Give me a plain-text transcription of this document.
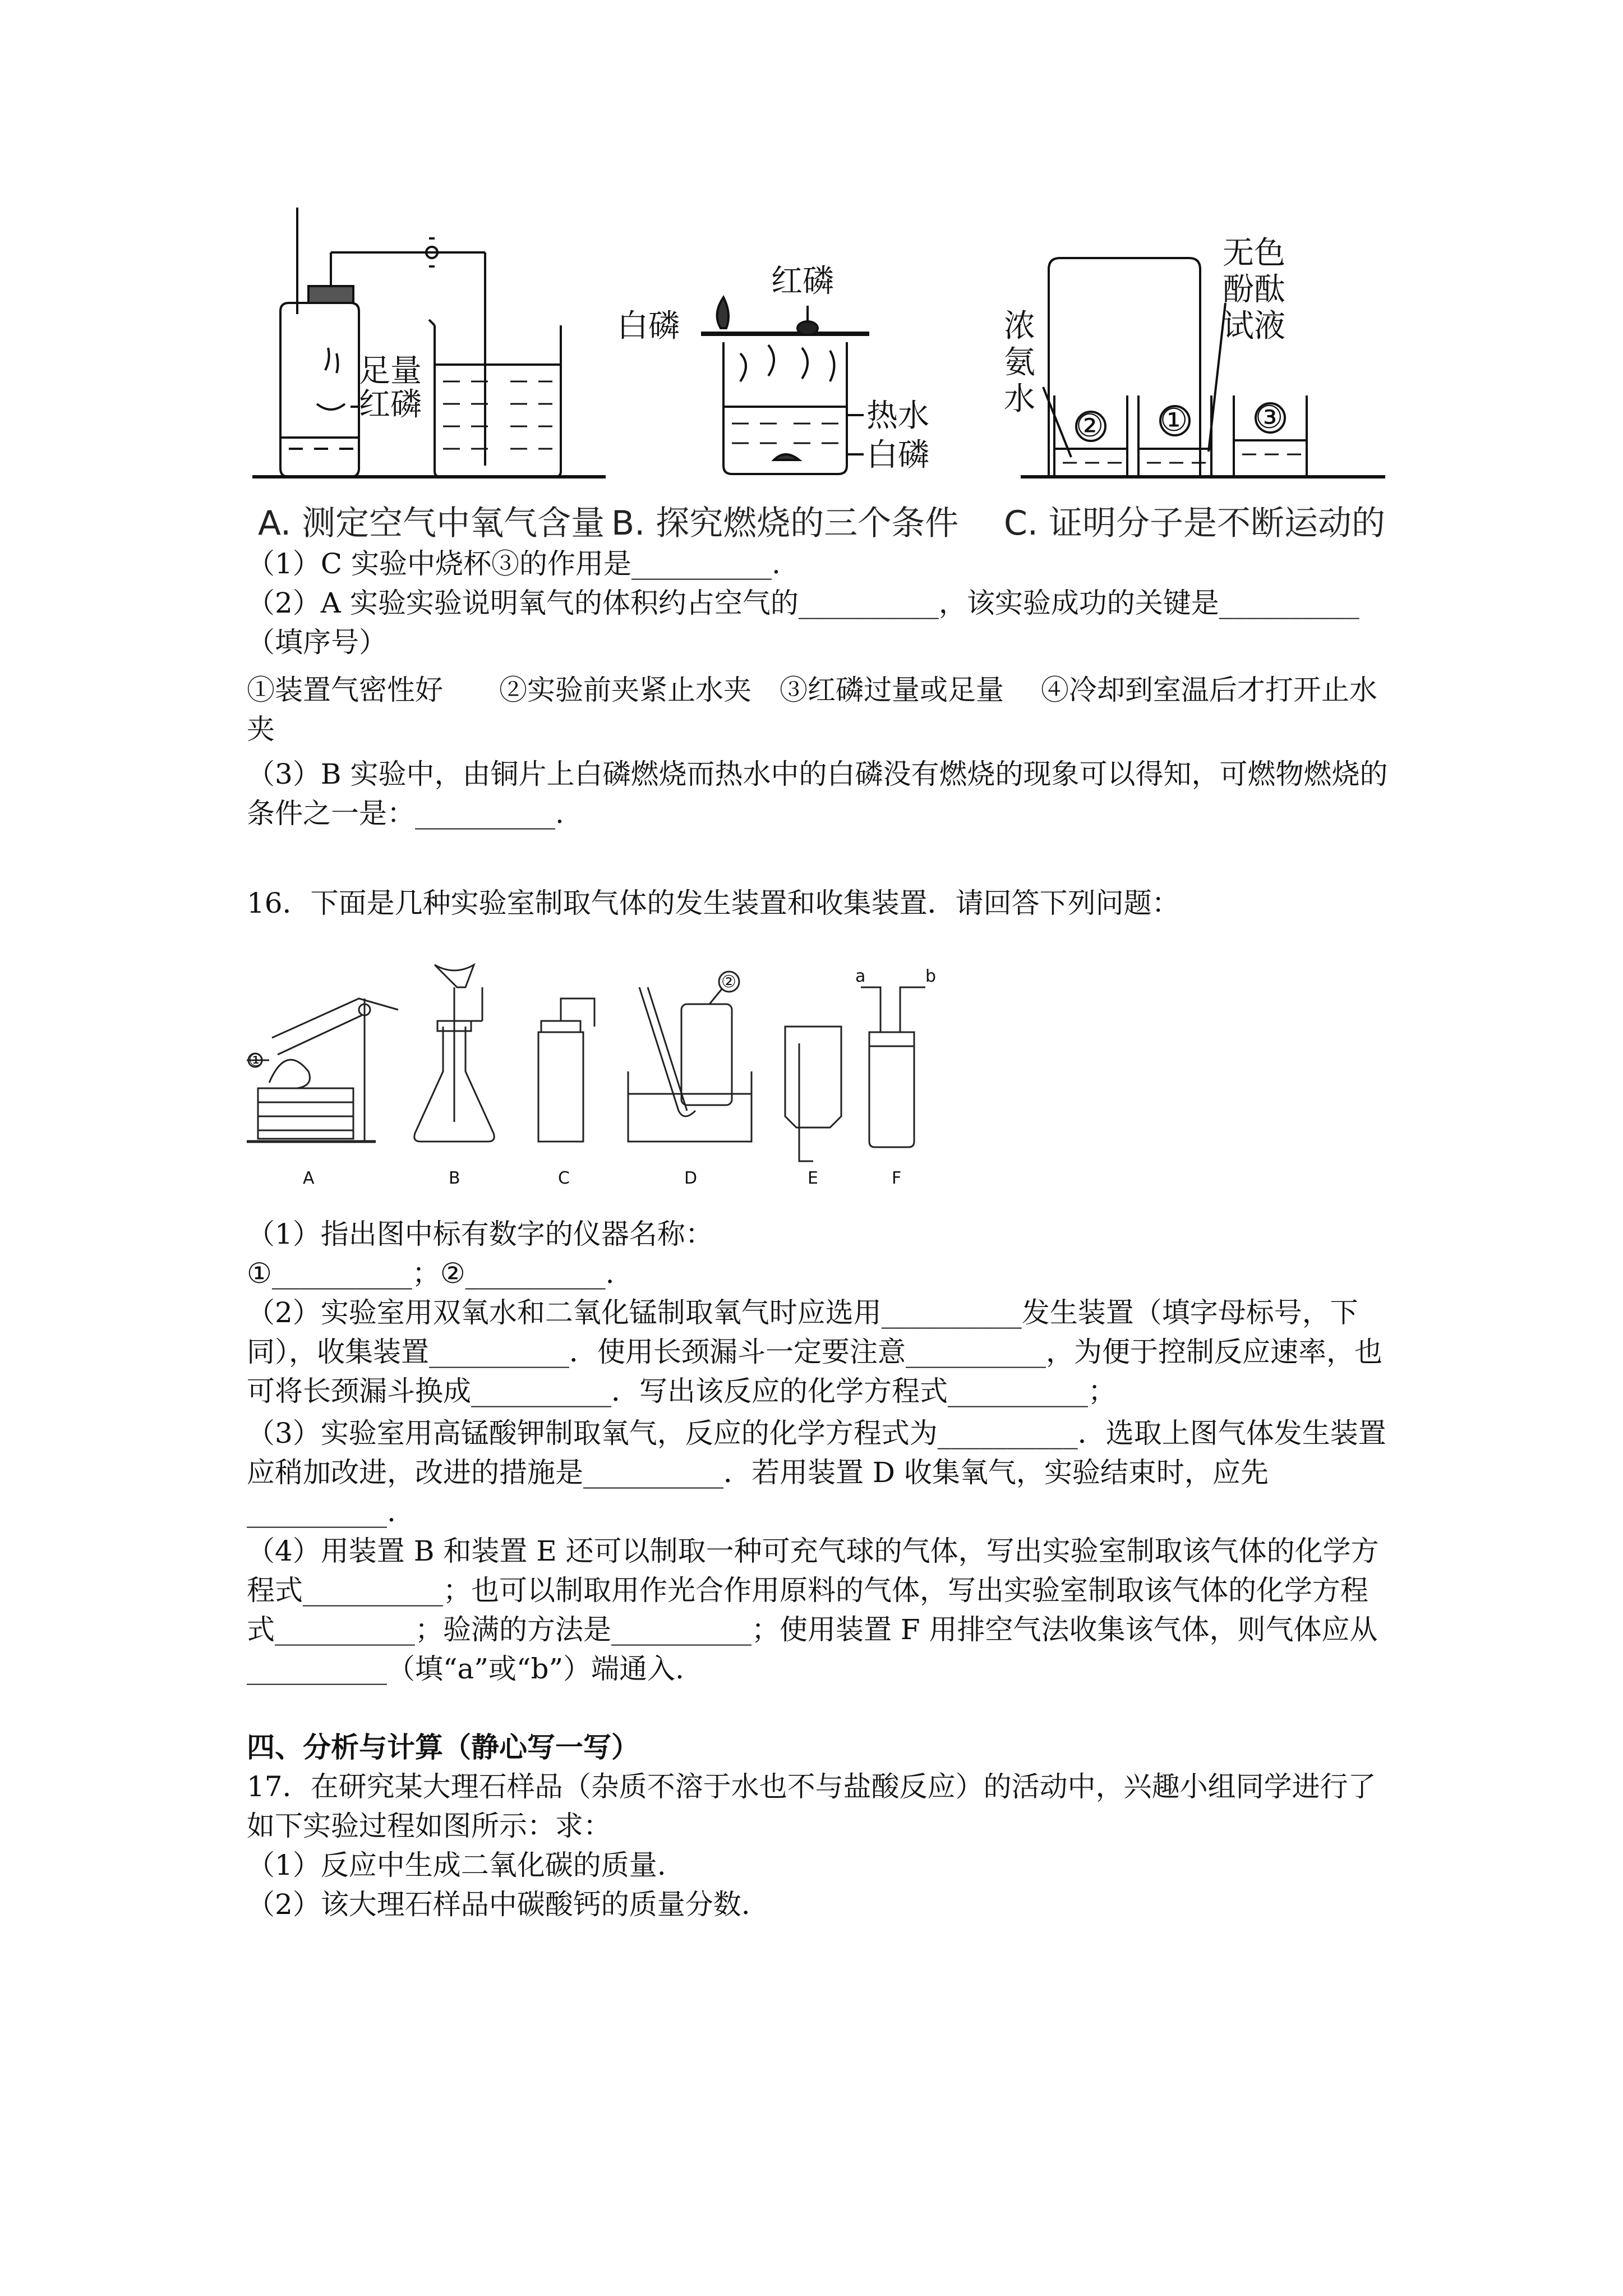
足量
红磷
红磷
白磷
热水
白磷
无色
酚酞
试液
浓
氨
水
② ① ③
A. 测定空气中氧气含量 B. 探究燃烧的三个条件 C. 证明分子是不断运动的
（1）C 实验中烧杯③的作用是__________.
（2）A 实验实验说明氧气的体积约占空气的__________，该实验成功的关键是__________（填序号）
①装置气密性好　　②实验前夹紧止水夹　③红磷过量或足量　 ④冷却到室温后才打开止水夹
（3）B 实验中，由铜片上白磷燃烧而热水中的白磷没有燃烧的现象可以得知，可燃物燃烧的条件之一是：__________.
16．下面是几种实验室制取气体的发生装置和收集装置．请回答下列问题：
A	B	C	D	E	F
①
②	a	b
（1）指出图中标有数字的仪器名称：
①__________；②__________.
（2）实验室用双氧水和二氧化锰制取氧气时应选用__________发生装置（填字母标号，下同），收集装置__________．使用长颈漏斗一定要注意__________，为便于控制反应速率，也可将长颈漏斗换成__________．写出该反应的化学方程式__________；
（3）实验室用高锰酸钾制取氧气，反应的化学方程式为__________．选取上图气体发生装置应稍加改进，改进的措施是__________．若用装置 D 收集氧气，实验结束时，应先__________.
（4）用装置 B 和装置 E 还可以制取一种可充气球的气体，写出实验室制取该气体的化学方程式__________；也可以制取用作光合作用原料的气体，写出实验室制取该气体的化学方程式__________；验满的方法是__________；使用装置 F 用排空气法收集该气体，则气体应从__________（填“a”或“b”）端通入.
四、分析与计算（静心写一写）
17．在研究某大理石样品（杂质不溶于水也不与盐酸反应）的活动中，兴趣小组同学进行了如下实验过程如图所示：求：
（1）反应中生成二氧化碳的质量.
（2）该大理石样品中碳酸钙的质量分数.
